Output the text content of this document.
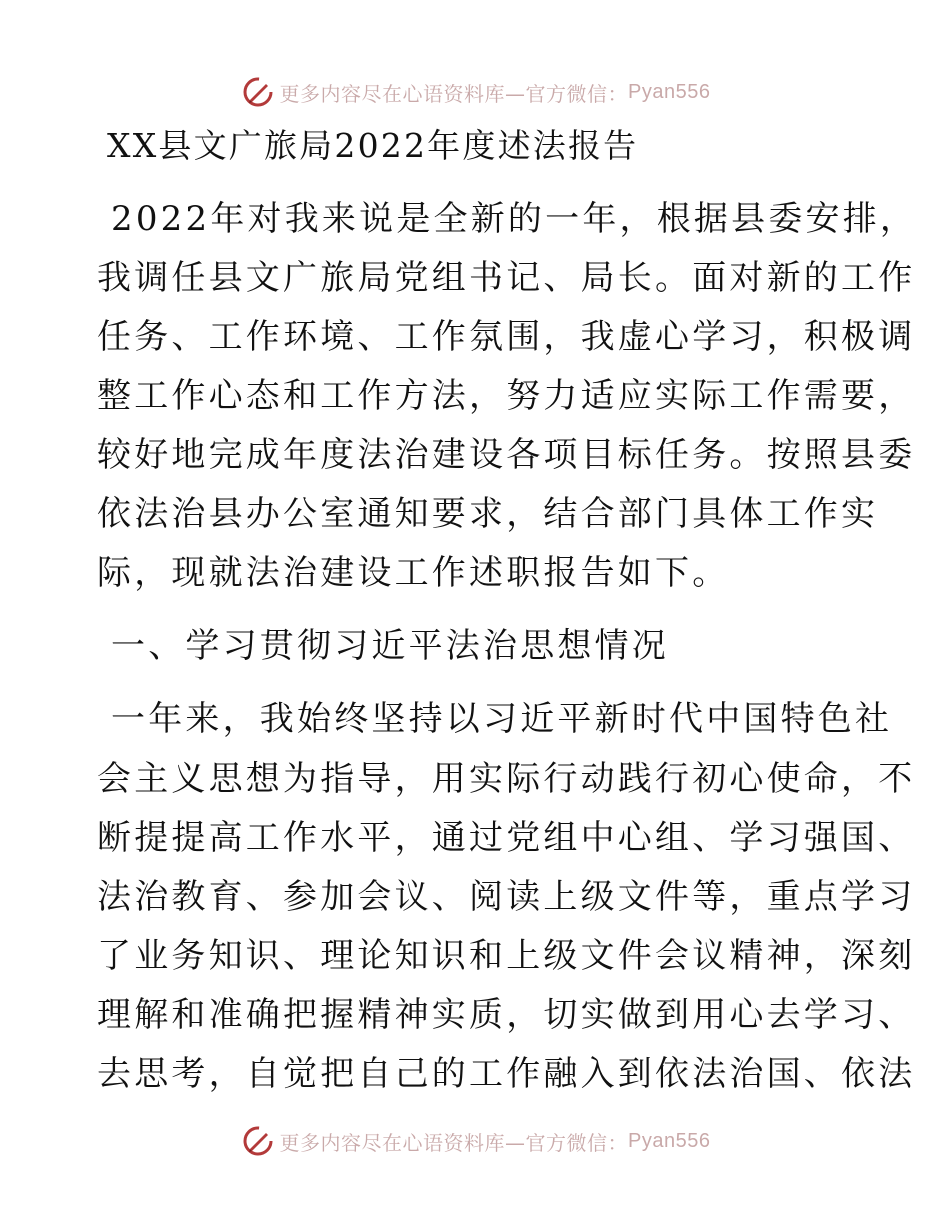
更多内容尽在心语资料库—官方微信： Pyan556
XX县文广旅局2022年度述法报告
2022年对我来说是全新的一年，根据县委安排，
我调任县文广旅局党组书记、局长。面对新的工作
任务、工作环境、工作氛围，我虚心学习，积极调
整工作心态和工作方法，努力适应实际工作需要，
较好地完成年度法治建设各项目标任务。按照县委
依法治县办公室通知要求，结合部门具体工作实
际，现就法治建设工作述职报告如下。
一、学习贯彻习近平法治思想情况
一年来，我始终坚持以习近平新时代中国特色社
会主义思想为指导，用实际行动践行初心使命，不
断提提高工作水平，通过党组中心组、学习强国、
法治教育、参加会议、阅读上级文件等，重点学习
了业务知识、理论知识和上级文件会议精神，深刻
理解和准确把握精神实质，切实做到用心去学习、
去思考，自觉把自己的工作融入到依法治国、依法
更多内容尽在心语资料库—官方微信： Pyan556
